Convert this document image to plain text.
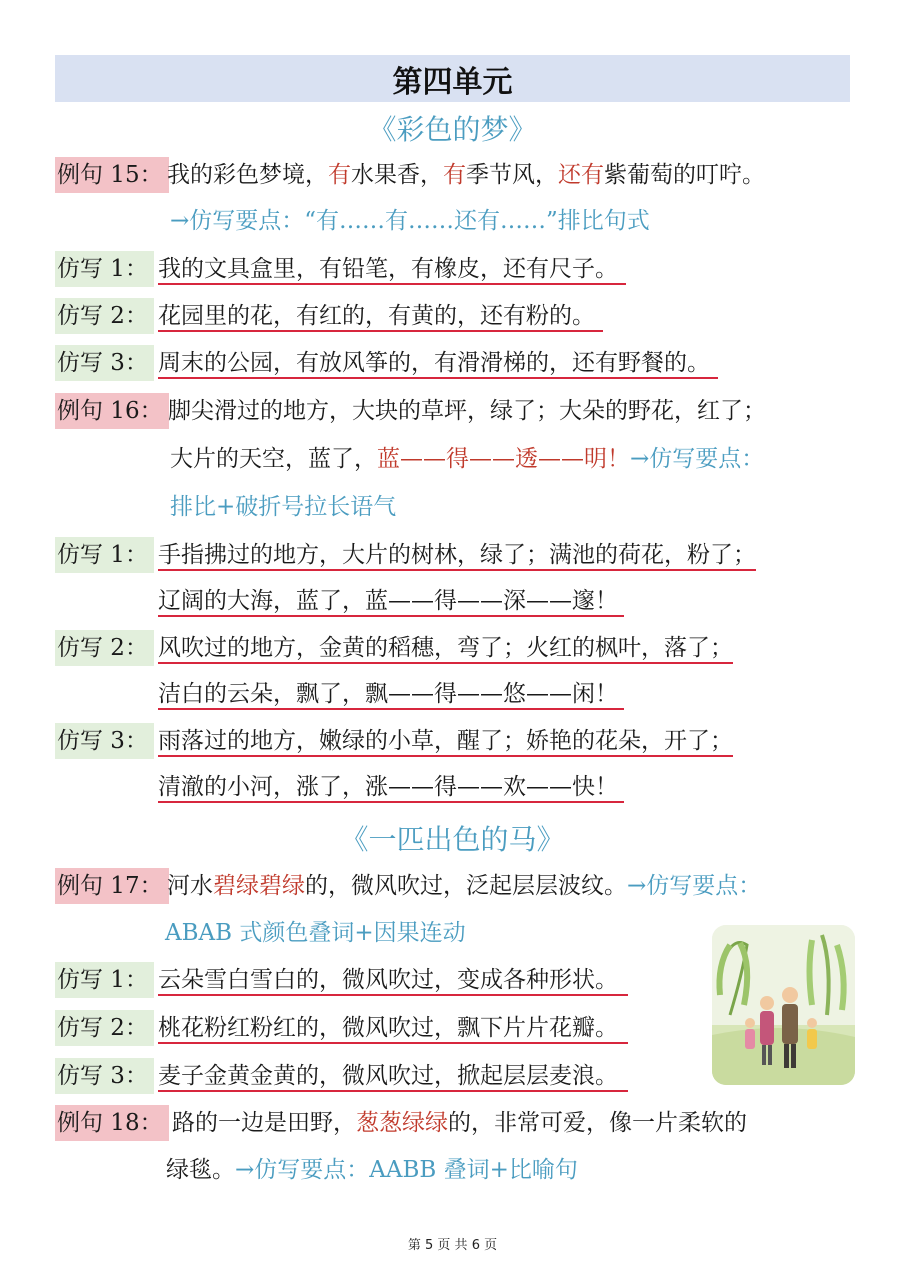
第四单元
《彩色的梦》
例句 15： 我的彩色梦境，有水果香，有季节风，还有紫葡萄的叮咛。
→仿写要点：“有……有……还有……”排比句式
仿写 1： 我的文具盒里，有铅笔，有橡皮，还有尺子。
仿写 2： 花园里的花，有红的，有黄的，还有粉的。
仿写 3： 周末的公园，有放风筝的，有滑滑梯的，还有野餐的。
例句 16： 脚尖滑过的地方，大块的草坪，绿了；大朵的野花，红了；
大片的天空，蓝了，蓝——得——透——明！→仿写要点：
排比+破折号拉长语气
仿写 1： 手指拂过的地方，大片的树林，绿了；满池的荷花，粉了；
辽阔的大海，蓝了，蓝——得——深——邃！
仿写 2： 风吹过的地方，金黄的稻穗，弯了；火红的枫叶，落了；
洁白的云朵，飘了，飘——得——悠——闲！
仿写 3： 雨落过的地方，嫩绿的小草，醒了；娇艳的花朵，开了；
清澈的小河，涨了，涨——得——欢——快！
《一匹出色的马》
例句 17： 河水碧绿碧绿的，微风吹过，泛起层层波纹。→仿写要点：
ABAB 式颜色叠词+因果连动
仿写 1： 云朵雪白雪白的，微风吹过，变成各种形状。
仿写 2： 桃花粉红粉红的，微风吹过，飘下片片花瓣。
仿写 3： 麦子金黄金黄的，微风吹过，掀起层层麦浪。
例句 18： 路的一边是田野，葱葱绿绿的，非常可爱，像一片柔软的
绿毯。→仿写要点：AABB 叠词+比喻句
第 5 页 共 6 页
